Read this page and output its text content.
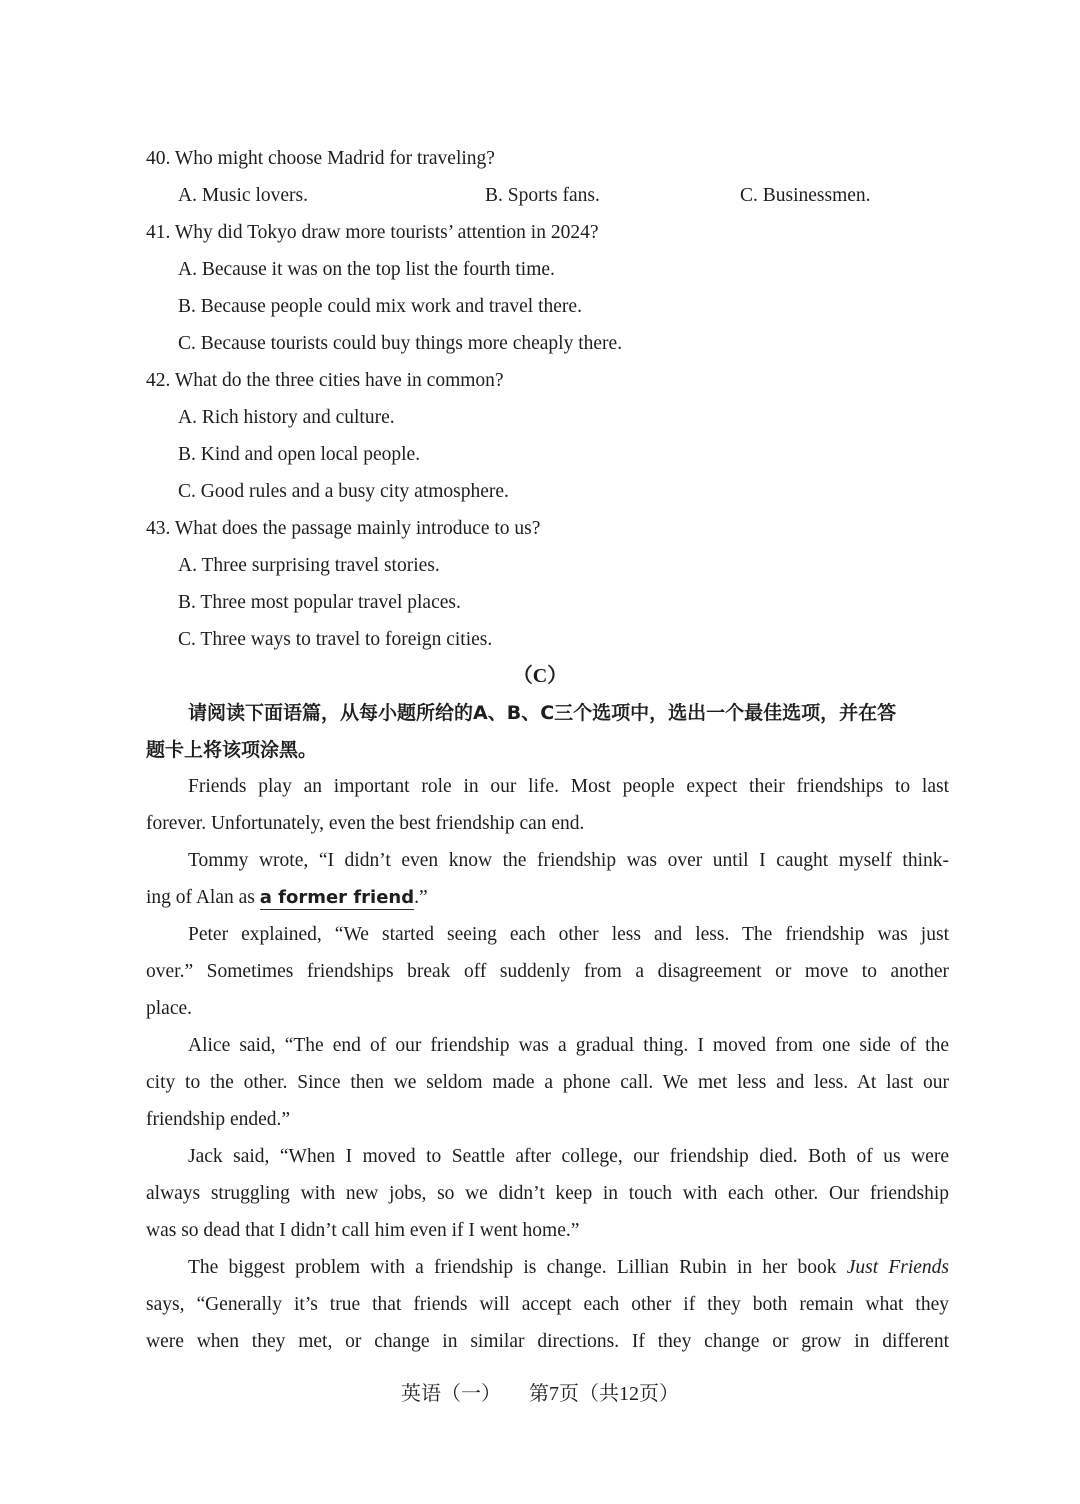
40. Who might choose Madrid for traveling?
A. Music lovers.	B. Sports fans.	C. Businessmen.
41. Why did Tokyo draw more tourists’ attention in 2024?
A. Because it was on the top list the fourth time.
B. Because people could mix work and travel there.
C. Because tourists could buy things more cheaply there.
42. What do the three cities have in common?
A. Rich history and culture.
B. Kind and open local people.
C. Good rules and a busy city atmosphere.
43. What does the passage mainly introduce to us?
A. Three surprising travel stories.
B. Three most popular travel places.
C. Three ways to travel to foreign cities.
（C）
请阅读下面语篇，从每小题所给的A、B、C三个选项中，选出一个最佳选项，并在答
题卡上将该项涂黑。
Friends play an important role in our life. Most people expect their friendships to last
forever. Unfortunately, even the best friendship can end.
Tommy wrote, “I didn’t even know the friendship was over until I caught myself think-
ing of Alan as a former friend.”
Peter explained, “We started seeing each other less and less. The friendship was just
over.” Sometimes friendships break off suddenly from a disagreement or move to another
place.
Alice said, “The end of our friendship was a gradual thing. I moved from one side of the
city to the other. Since then we seldom made a phone call. We met less and less. At last our
friendship ended.”
Jack said, “When I moved to Seattle after college, our friendship died. Both of us were
always struggling with new jobs, so we didn’t keep in touch with each other. Our friendship
was so dead that I didn’t call him even if I went home.”
The biggest problem with a friendship is change. Lillian Rubin in her book Just Friends
says, “Generally it’s true that friends will accept each other if they both remain what they
were when they met, or change in similar directions. If they change or grow in different
英语（一） 第7页（共12页）
